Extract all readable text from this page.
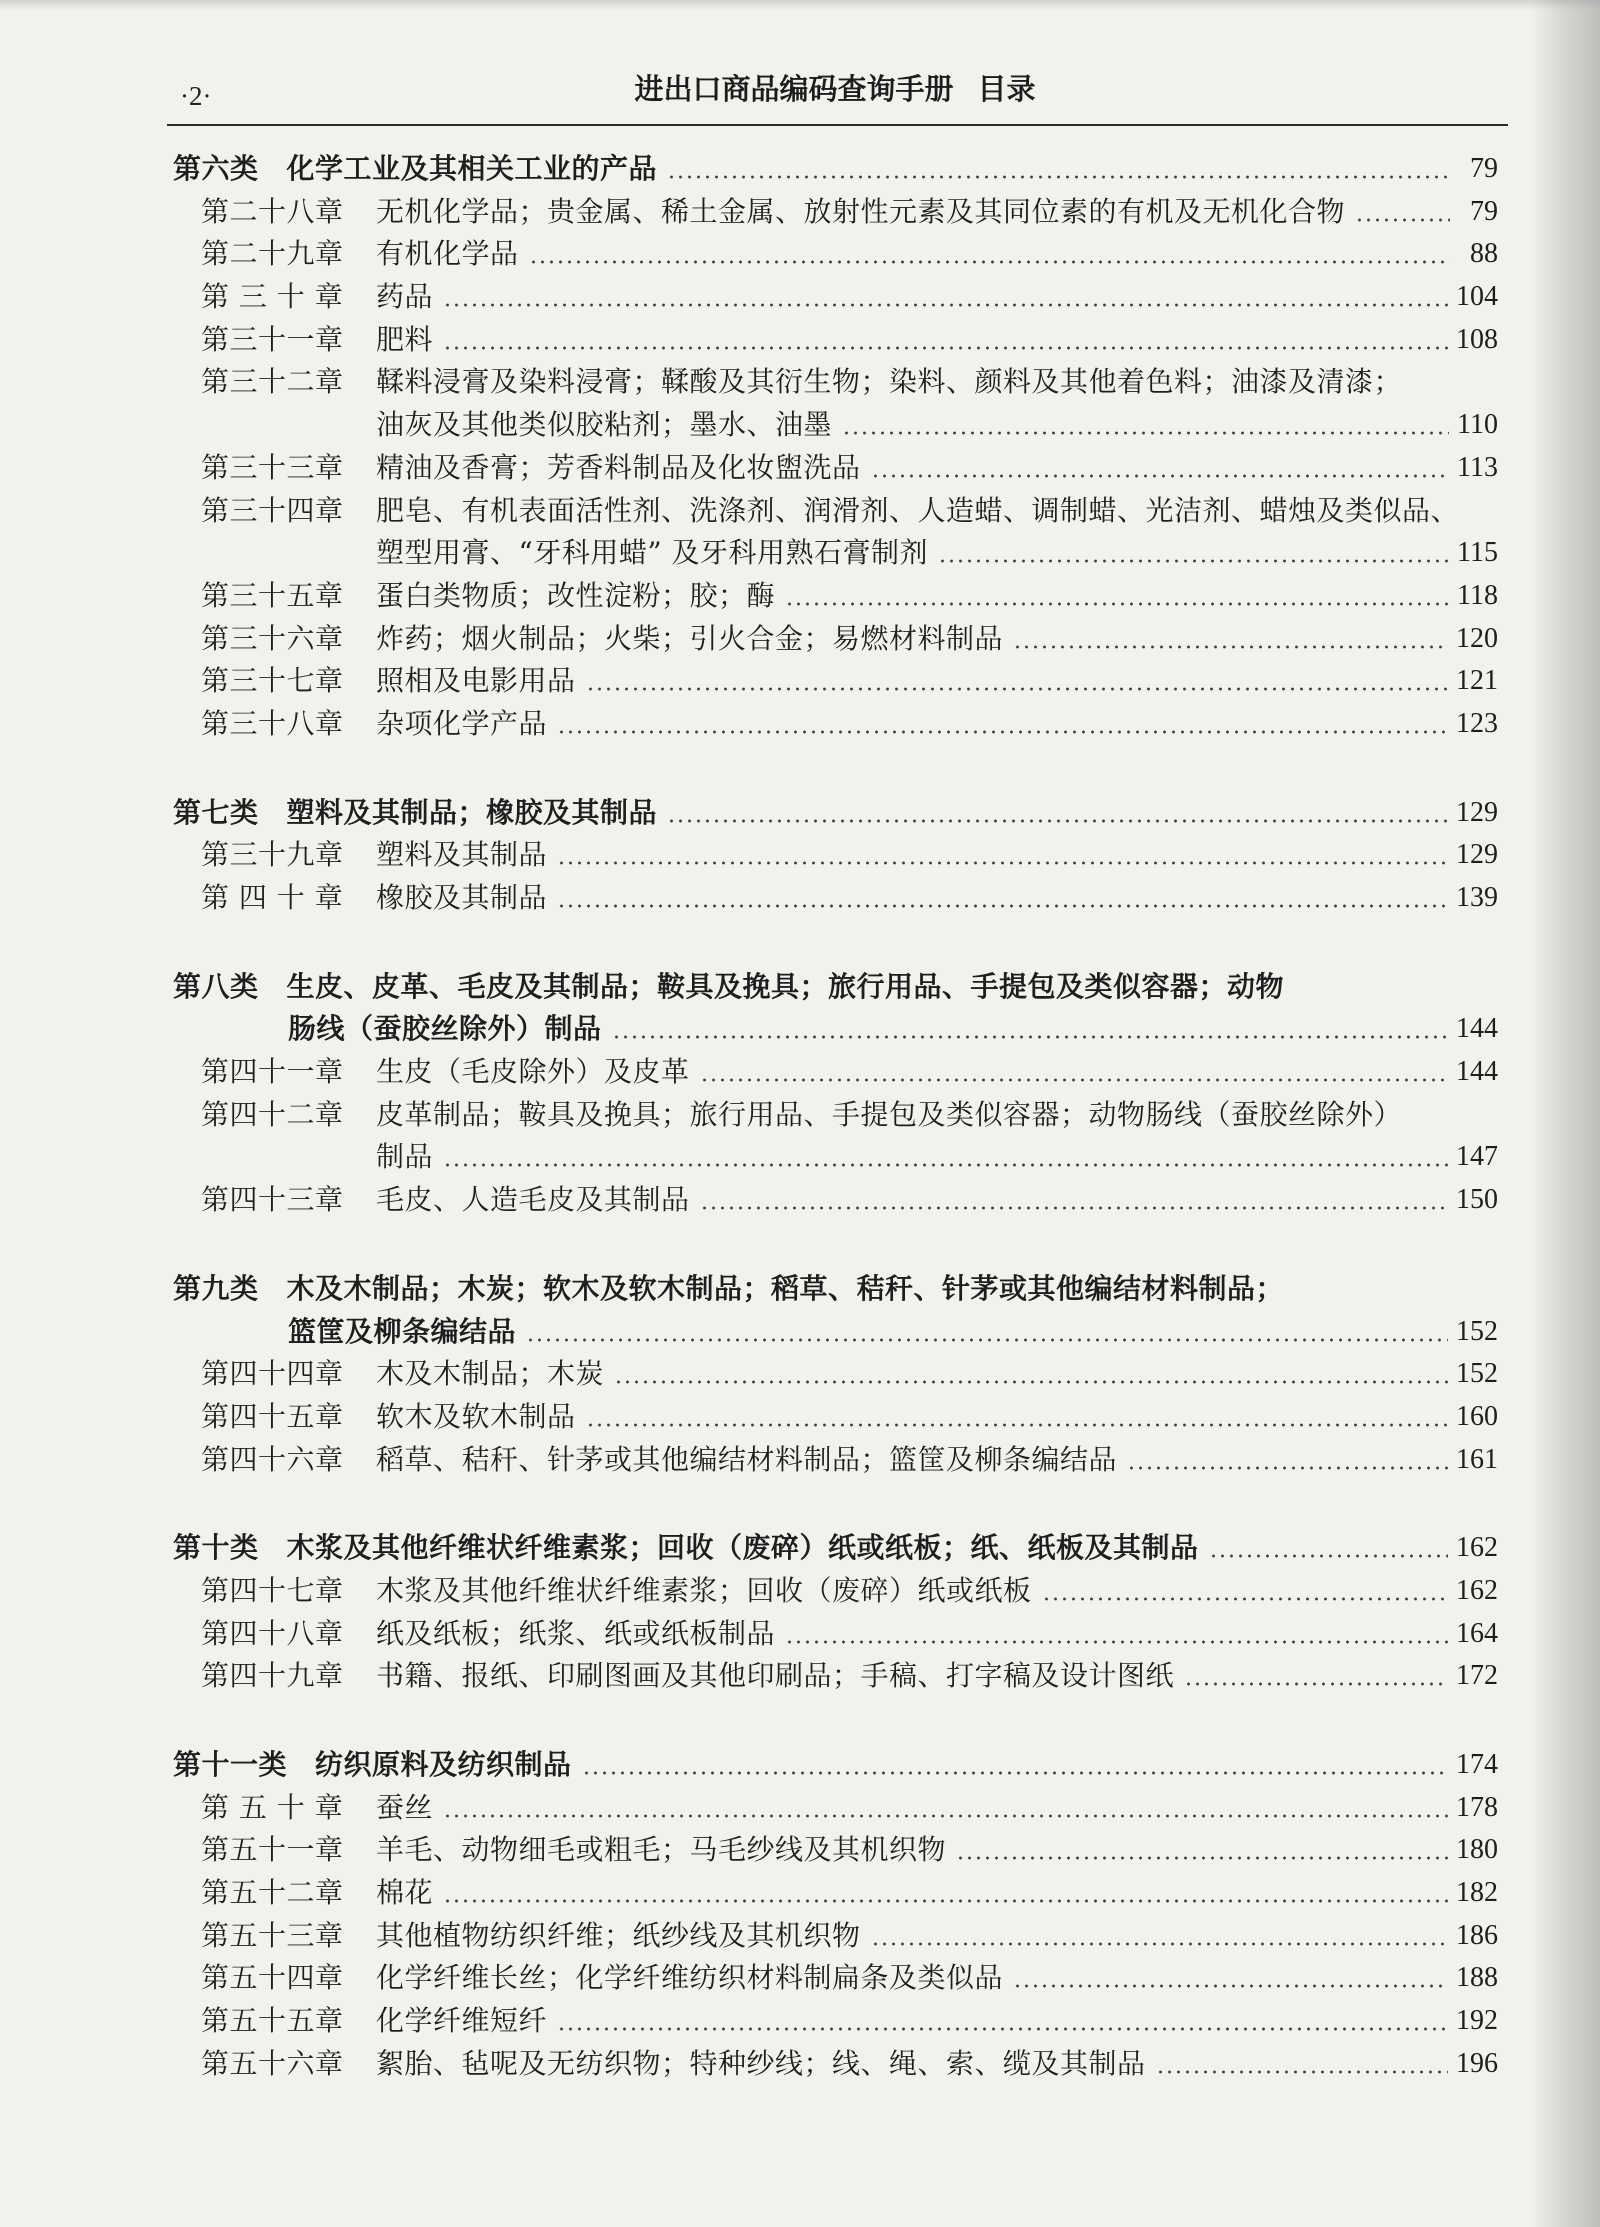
·2·	进出口商品编码查询手册 目录
第六类 化学工业及其相关工业的产品	79
第二十八章 无机化学品；贵金属、稀土金属、放射性元素及其同位素的有机及无机化合物	79
第二十九章 有机化学品	88
第 三 十 章 药品	104
第三十一章 肥料	108
第三十二章 鞣料浸膏及染料浸膏；鞣酸及其衍生物；染料、颜料及其他着色料；油漆及清漆；
油灰及其他类似胶粘剂；墨水、油墨	110
第三十三章 精油及香膏；芳香料制品及化妆盥洗品	113
第三十四章 肥皂、有机表面活性剂、洗涤剂、润滑剂、人造蜡、调制蜡、光洁剂、蜡烛及类似品、
塑型用膏、“牙科用蜡” 及牙科用熟石膏制剂	115
第三十五章 蛋白类物质；改性淀粉；胶；酶	118
第三十六章 炸药；烟火制品；火柴；引火合金；易燃材料制品	120
第三十七章 照相及电影用品	121
第三十八章 杂项化学产品	123
第七类 塑料及其制品；橡胶及其制品	129
第三十九章 塑料及其制品	129
第 四 十 章 橡胶及其制品	139
第八类 生皮、皮革、毛皮及其制品；鞍具及挽具；旅行用品、手提包及类似容器；动物
肠线（蚕胶丝除外）制品	144
第四十一章 生皮（毛皮除外）及皮革	144
第四十二章 皮革制品；鞍具及挽具；旅行用品、手提包及类似容器；动物肠线（蚕胶丝除外）
制品	147
第四十三章 毛皮、人造毛皮及其制品	150
第九类 木及木制品；木炭；软木及软木制品；稻草、秸秆、针茅或其他编结材料制品；
篮筐及柳条编结品	152
第四十四章 木及木制品；木炭	152
第四十五章 软木及软木制品	160
第四十六章 稻草、秸秆、针茅或其他编结材料制品；篮筐及柳条编结品	161
第十类 木浆及其他纤维状纤维素浆；回收（废碎）纸或纸板；纸、纸板及其制品	162
第四十七章 木浆及其他纤维状纤维素浆；回收（废碎）纸或纸板	162
第四十八章 纸及纸板；纸浆、纸或纸板制品	164
第四十九章 书籍、报纸、印刷图画及其他印刷品；手稿、打字稿及设计图纸	172
第十一类 纺织原料及纺织制品	174
第 五 十 章 蚕丝	178
第五十一章 羊毛、动物细毛或粗毛；马毛纱线及其机织物	180
第五十二章 棉花	182
第五十三章 其他植物纺织纤维；纸纱线及其机织物	186
第五十四章 化学纤维长丝；化学纤维纺织材料制扁条及类似品	188
第五十五章 化学纤维短纤	192
第五十六章 絮胎、毡呢及无纺织物；特种纱线；线、绳、索、缆及其制品	196
